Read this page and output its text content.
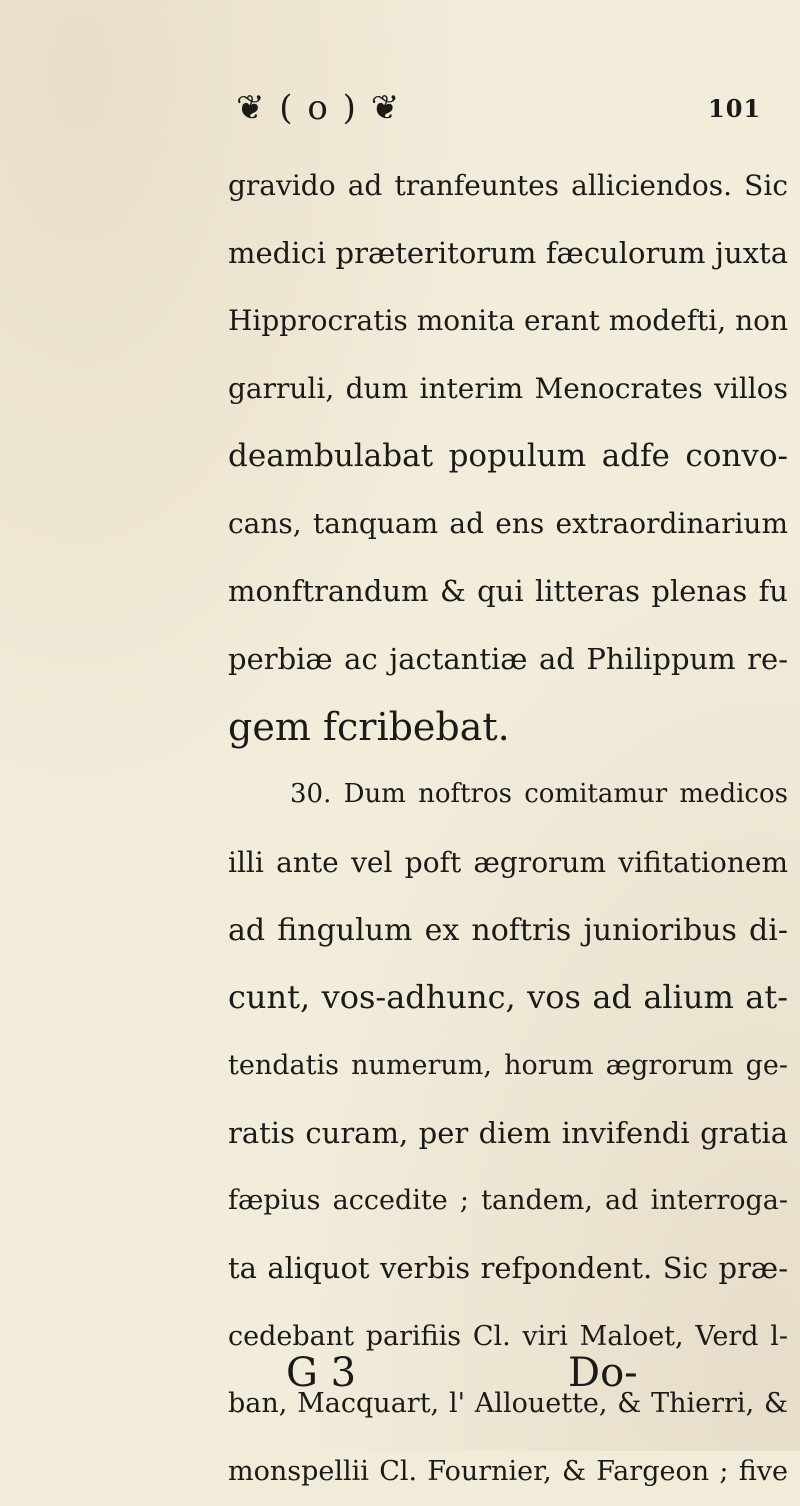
❦ ( o ) ❦	101
gravido ad tranfeuntes alliciendos. Sic
medici præteritorum fæculorum juxta
Hipprocratis monita erant modefti, non
garruli, dum interim Menocrates villos
deambulabat populum adfe convo-
cans, tanquam ad ens extraordinarium
monftrandum & qui litteras plenas fu
perbiæ ac jactantiæ ad Philippum re-
gem fcribebat.
30. Dum noftros comitamur medicos
illi ante vel poft ægrorum vifitationem
ad fingulum ex noftris junioribus di-
cunt, vos-adhunc, vos ad alium at-
tendatis numerum, horum ægrorum ge-
ratis curam, per diem invifendi gratia
fæpius accedite ; tandem, ad interroga-
ta aliquot verbis refpondent. Sic præ-
cedebant parifiis Cl. viri Maloet, Verd l-
ban, Macquart, l' Allouette, & Thierri, &
monspellii Cl. Fournier, & Fargeon ; five
G 3	Do-
